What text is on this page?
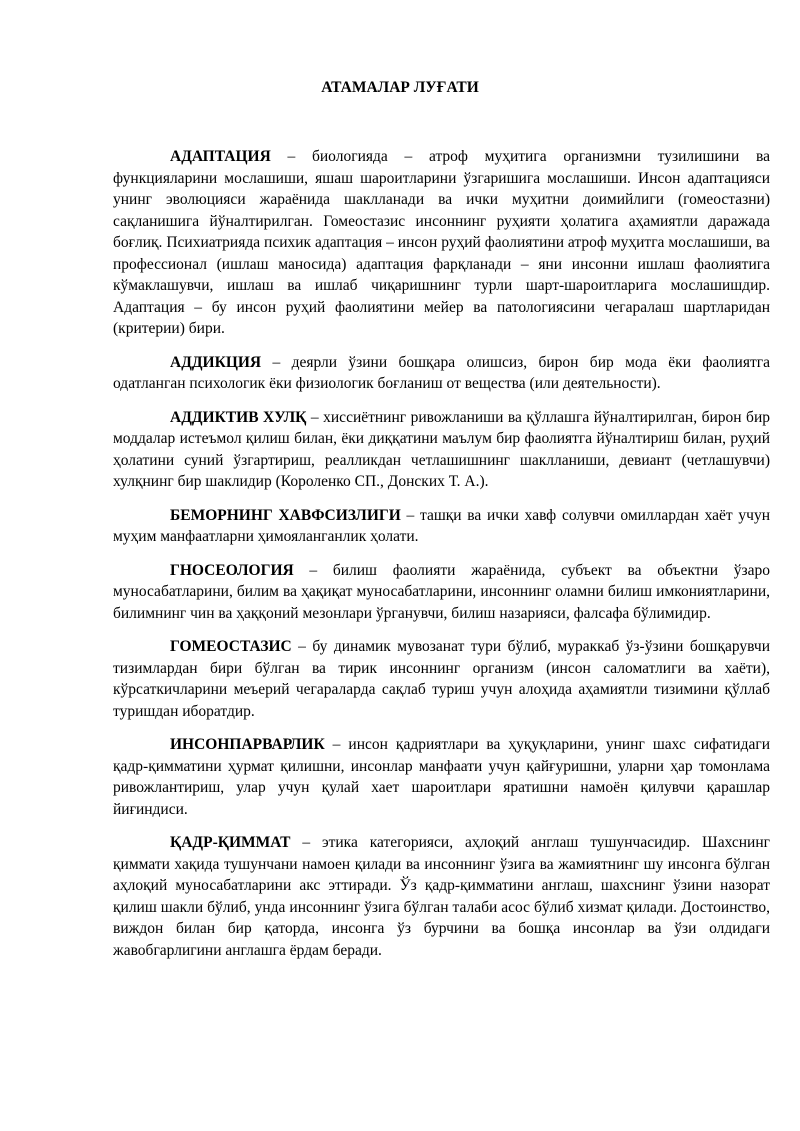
АТАМАЛАР ЛУҒАТИ

АДАПТАЦИЯ – биологияда – атроф муҳитига организмни тузилишини ва функцияларини мослашиши, яшаш шароитларини ўзгаришига мослашиши. Инсон адаптацияси унинг эволюцияси жараёнида шаклланади ва ички муҳитни доимийлиги (гомеостазни) сақланишига йўналтирилган. Гомеостазис инсоннинг руҳияти ҳолатига аҳамиятли даражада боғлиқ. Психиатрияда психик адаптация – инсон руҳий фаолиятини атроф муҳитга мослашиши, ва профессионал (ишлаш маносида) адаптация фарқланади – яни инсонни ишлаш фаолиятига кўмаклашувчи, ишлаш ва ишлаб чиқаришнинг турли шарт-шароитларига мослашишдир. Адаптация – бу инсон руҳий фаолиятини мейер ва патологиясини чегаралаш шартларидан (критерии) бири.

АДДИКЦИЯ – деярли ўзини бошқара олишсиз, бирон бир мода ёки фаолиятга одатланган психологик ёки физиологик боғланиш от вещества (или деятельности).

АДДИКТИВ ХУЛҚ – хиссиётнинг ривожланиши ва қўллашга йўналтирилган, бирон бир моддалар истеъмол қилиш билан, ёки диққатини маълум бир фаолиятга йўналтириш билан, руҳий ҳолатини суний ўзгартириш, реалликдан четлашишнинг шаклланиши, девиант (четлашувчи) хулқнинг бир шаклидир (Короленко СП., Донских Т. А.).

БЕМОРНИНГ ХАВФСИЗЛИГИ – ташқи ва ички хавф солувчи омиллардан хаёт учун муҳим манфаатларни ҳимояланганлик ҳолати.

ГНОСЕОЛОГИЯ – билиш фаолияти жараёнида, субъект ва объектни ўзаро муносабатларини, билим ва ҳақиқат муносабатларини, инсоннинг оламни билиш имкониятларини, билимнинг чин ва ҳаққоний мезонлари ўрганувчи, билиш назарияси, фалсафа бўлимидир.

ГОМЕОСТАЗИС – бу динамик мувозанат тури бўлиб, мураккаб ўз-ўзини бошқарувчи тизимлардан бири бўлган ва тирик инсоннинг организм (инсон саломатлиги ва хаёти), кўрсаткичларини меъерий чегараларда сақлаб туриш учун алоҳида аҳамиятли тизимини қўллаб туришдан иборатдир.

ИНСОНПАРВАРЛИК – инсон қадриятлари ва ҳуқуқларини, унинг шахс сифатидаги қадр-қимматини ҳурмат қилишни, инсонлар манфаати учун қайғуришни, уларни ҳар томонлама ривожлантириш, улар учун қулай хает шароитлари яратишни намоён қилувчи қарашлар йиғиндиси.

ҚАДР-ҚИММАТ – этика категорияси, аҳлоқий англаш тушунчасидир. Шахснинг қиммати хақида тушунчани намоен қилади ва инсоннинг ўзига ва жамиятнинг шу инсонга бўлган аҳлоқий муносабатларини акс эттиради. Ўз қадр-қимматини англаш, шахснинг ўзини назорат қилиш шакли бўлиб, унда инсоннинг ўзига бўлган талаби асос бўлиб хизмат қилади. Достоинство, виждон билан бир қаторда, инсонга ўз бурчини ва бошқа инсонлар ва ўзи олдидаги жавобгарлигини англашга ёрдам беради.
